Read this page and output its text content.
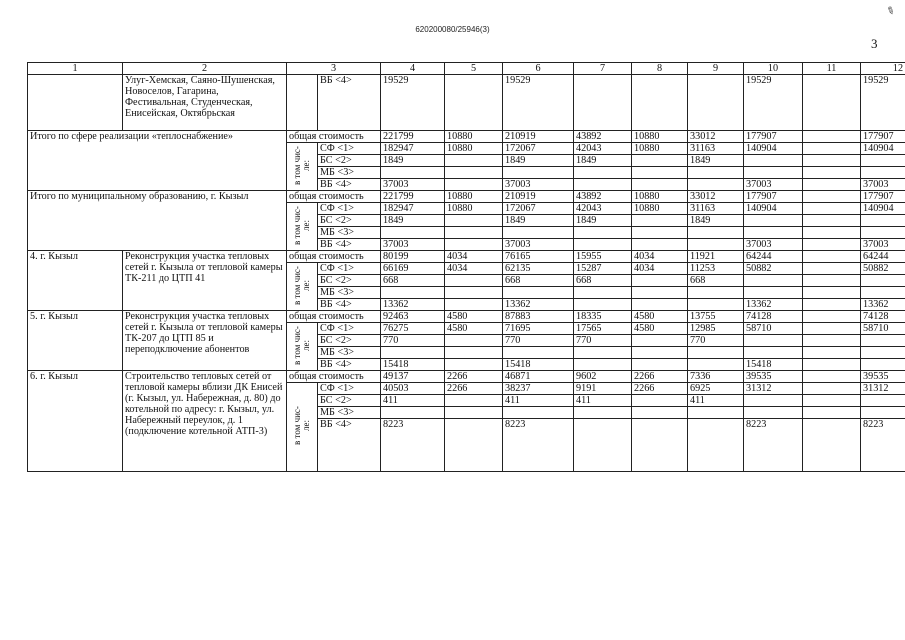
620200080/25946(3)
3
✎
1	2	3		4	5	6	7	8	9	10	11	12
	Улуг-Хемская, Саяно-Шушенская, Новоселов, Гагарина, Фестивальная, Студенческая, Енисейская, Октябрьская		ВБ <4>	19529		19529				19529		19529
Итого по сфере реализации «теплоснабжение»		общая стоимость		221799	10880	210919	43892	10880	33012	177907		177907
		в том чис- ле:	СФ <1>	182947	10880	172067	42043	10880	31163	140904		140904
			БС <2>	1849		1849	1849		1849			
			МБ <3>									
			ВБ <4>	37003		37003				37003		37003
Итого по муниципальному образованию, г. Кызыл		общая стоимость		221799	10880	210919	43892	10880	33012	177907		177907
		в том чис- ле:	СФ <1>	182947	10880	172067	42043	10880	31163	140904		140904
			БС <2>	1849		1849	1849		1849			
			МБ <3>									
			ВБ <4>	37003		37003				37003		37003
4. г. Кызыл	Реконструкция участка тепловых сетей г. Кызыла от тепловой камеры ТК-211 до ЦТП 41	общая стоимость		80199	4034	76165	15955	4034	11921	64244		64244
		в том чис- ле:	СФ <1>	66169	4034	62135	15287	4034	11253	50882		50882
			БС <2>	668		668	668		668			
			МБ <3>									
			ВБ <4>	13362		13362				13362		13362
5. г. Кызыл	Реконструкция участка тепловых сетей г. Кызыла от тепловой камеры ТК-207 до ЦТП 85 и переподключение абонентов	общая стоимость		92463	4580	87883	18335	4580	13755	74128		74128
		в том чис- ле:	СФ <1>	76275	4580	71695	17565	4580	12985	58710		58710
			БС <2>	770		770	770		770			
			МБ <3>									
			ВБ <4>	15418		15418				15418		
6. г. Кызыл	Строительство тепловых сетей от тепловой камеры вблизи ДК Енисей (г. Кызыл, ул. Набережная, д. 80) до котельной по адресу: г. Кызыл, ул. Набережный переулок, д. 1 (подключение котельной АТП-3)	общая стоимость		49137	2266	46871	9602	2266	7336	39535		39535
		в том чис- ле:	СФ <1>	40503	2266	38237	9191	2266	6925	31312		31312
			БС <2>	411		411	411		411			
			МБ <3>									
			ВБ <4>	8223		8223				8223		8223
